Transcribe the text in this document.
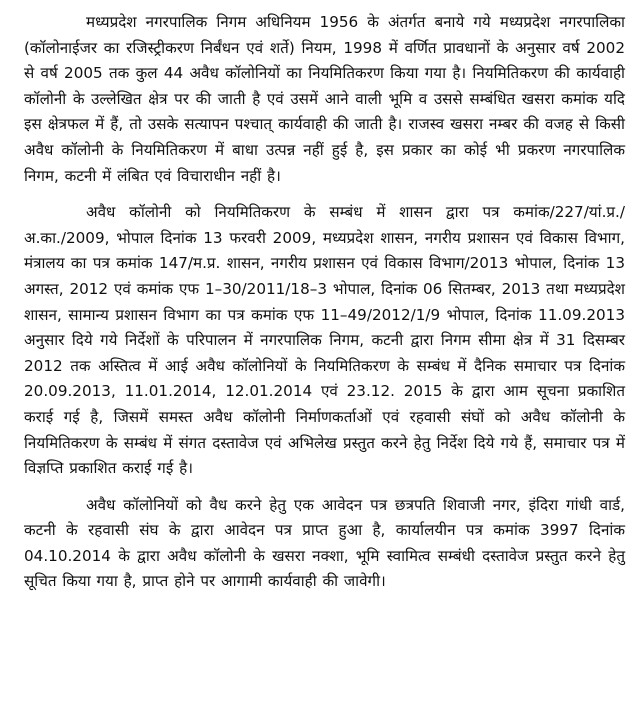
मध्यप्रदेश नगरपालिक निगम अधिनियम 1956 के अंतर्गत बनाये गये मध्यप्रदेश नगरपालिका (कॉलोनाईजर का रजिस्ट्रीकरण निर्बंधन एवं शर्ते) नियम, 1998 में वर्णित प्रावधानों के अनुसार वर्ष 2002 से वर्ष 2005 तक कुल 44 अवैध कॉलोनियों का नियमितिकरण किया गया है। नियमितिकरण की कार्यवाही कॉलोनी के उल्लेखित क्षेत्र पर की जाती है एवं उसमें आने वाली भूमि व उससे सम्बंधित खसरा कमांक यदि इस क्षेत्रफल में हैं, तो उसके सत्यापन पश्चात् कार्यवाही की जाती है। राजस्व खसरा नम्बर की वजह से किसी अवैध कॉलोनी के नियमितिकरण में बाधा उत्पन्न नहीं हुई है, इस प्रकार का कोई भी प्रकरण नगरपालिक निगम, कटनी में लंबित एवं विचाराधीन नहीं है।

अवैध कॉलोनी को नियमितिकरण के सम्बंध में शासन द्वारा पत्र कमांक/227/यां.प्र./अ.का./2009, भोपाल दिनांक 13 फरवरी 2009, मध्यप्रदेश शासन, नगरीय प्रशासन एवं विकास विभाग, मंत्रालय का पत्र कमांक 147/म.प्र. शासन, नगरीय प्रशासन एवं विकास विभाग/2013 भोपाल, दिनांक 13 अगस्त, 2012 एवं कमांक एफ 1–30/2011/18–3 भोपाल, दिनांक 06 सितम्बर, 2013 तथा मध्यप्रदेश शासन, सामान्य प्रशासन विभाग का पत्र कमांक एफ 11–49/2012/1/9 भोपाल, दिनांक 11.09.2013 अनुसार दिये गये निर्देशों के परिपालन में नगरपालिक निगम, कटनी द्वारा निगम सीमा क्षेत्र में 31 दिसम्बर 2012 तक अस्तित्व में आई अवैध कॉलोनियों के नियमितिकरण के सम्बंध में दैनिक समाचार पत्र दिनांक 20.09.2013, 11.01.2014, 12.01.2014 एवं 23.12. 2015 के द्वारा आम सूचना प्रकाशित कराई गई है, जिसमें समस्त अवैध कॉलोनी निर्माणकर्ताओं एवं रहवासी संघों को अवैध कॉलोनी के नियमितिकरण के सम्बंध में संगत दस्तावेज एवं अभिलेख प्रस्तुत करने हेतु निर्देश दिये गये हैं, समाचार पत्र में विज्ञप्ति प्रकाशित कराई गई है।

अवैध कॉलोनियों को वैध करने हेतु एक आवेदन पत्र छत्रपति शिवाजी नगर, इंदिरा गांधी वार्ड, कटनी के रहवासी संघ के द्वारा आवेदन पत्र प्राप्त हुआ है, कार्यालयीन पत्र कमांक 3997 दिनांक 04.10.2014 के द्वारा अवैध कॉलोनी के खसरा नक्शा, भूमि स्वामित्व सम्बंधी दस्तावेज प्रस्तुत करने हेतु सूचित किया गया है, प्राप्त होने पर आगामी कार्यवाही की जावेगी।
